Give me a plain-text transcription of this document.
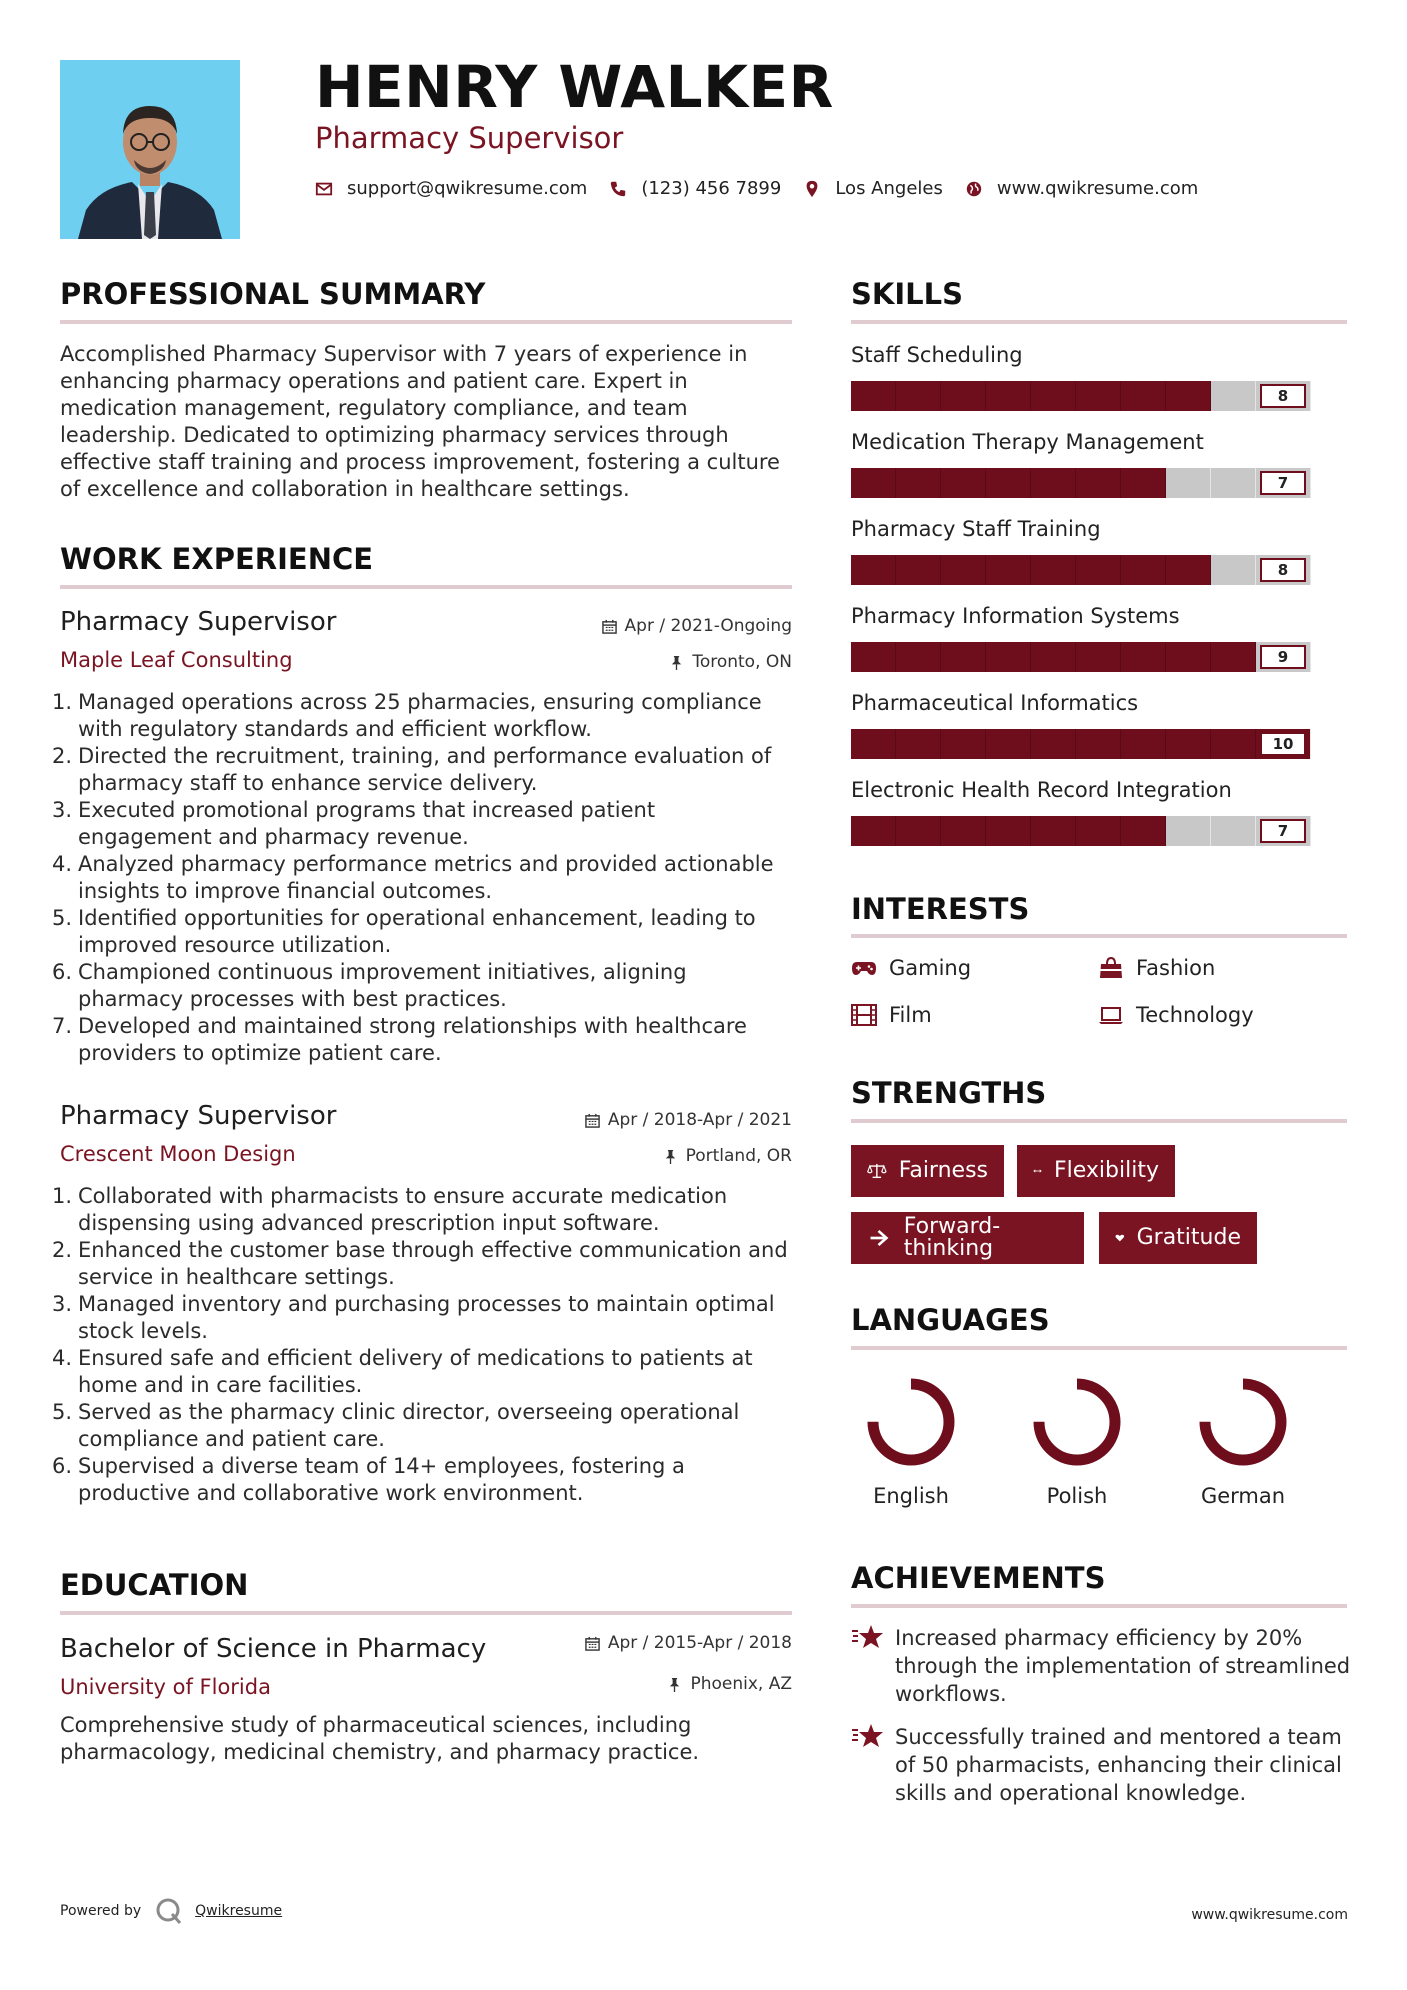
HENRY WALKER
Pharmacy Supervisor
support@qwikresume.com	(123) 456 7899	Los Angeles	www.qwikresume.com
PROFESSIONAL SUMMARY
Accomplished Pharmacy Supervisor with 7 years of experience in enhancing pharmacy operations and patient care. Expert in medication management, regulatory compliance, and team leadership. Dedicated to optimizing pharmacy services through effective staff training and process improvement, fostering a culture of excellence and collaboration in healthcare settings.
WORK EXPERIENCE
Pharmacy Supervisor	Apr / 2021-Ongoing
Maple Leaf Consulting	Toronto, ON
1. Managed operations across 25 pharmacies, ensuring compliance with regulatory standards and efficient workflow.
2. Directed the recruitment, training, and performance evaluation of pharmacy staff to enhance service delivery.
3. Executed promotional programs that increased patient engagement and pharmacy revenue.
4. Analyzed pharmacy performance metrics and provided actionable insights to improve financial outcomes.
5. Identified opportunities for operational enhancement, leading to improved resource utilization.
6. Championed continuous improvement initiatives, aligning pharmacy processes with best practices.
7. Developed and maintained strong relationships with healthcare providers to optimize patient care.
Pharmacy Supervisor	Apr / 2018-Apr / 2021
Crescent Moon Design	Portland, OR
1. Collaborated with pharmacists to ensure accurate medication dispensing using advanced prescription input software.
2. Enhanced the customer base through effective communication and service in healthcare settings.
3. Managed inventory and purchasing processes to maintain optimal stock levels.
4. Ensured safe and efficient delivery of medications to patients at home and in care facilities.
5. Served as the pharmacy clinic director, overseeing operational compliance and patient care.
6. Supervised a diverse team of 14+ employees, fostering a productive and collaborative work environment.
EDUCATION
Bachelor of Science in Pharmacy	Apr / 2015-Apr / 2018
University of Florida	Phoenix, AZ
Comprehensive study of pharmaceutical sciences, including pharmacology, medicinal chemistry, and pharmacy practice.
SKILLS
Staff Scheduling
8
Medication Therapy Management
7
Pharmacy Staff Training
8
Pharmacy Information Systems
9
Pharmaceutical Informatics
10
Electronic Health Record Integration
7
INTERESTS
Gaming	Fashion
Film	Technology
STRENGTHS
Fairness	Flexibility
Forward-thinking	Gratitude
LANGUAGES
English	Polish	German
ACHIEVEMENTS
Increased pharmacy efficiency by 20% through the implementation of streamlined workflows.
Successfully trained and mentored a team of 50 pharmacists, enhancing their clinical skills and operational knowledge.
Powered by	Qwikresume	www.qwikresume.com
